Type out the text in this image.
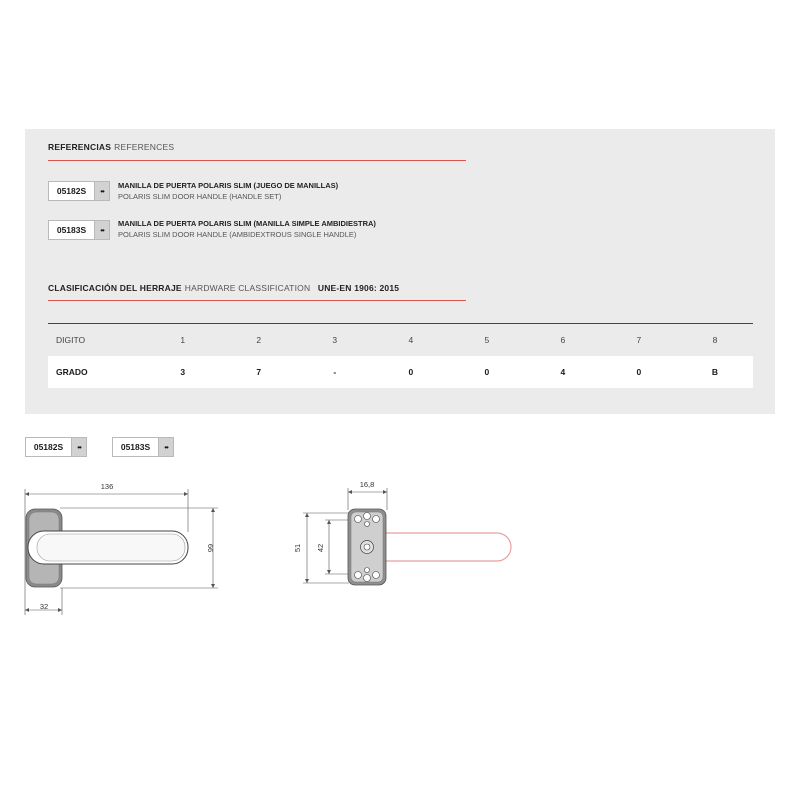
REFERENCIAS REFERENCES
05182S	••
MANILLA DE PUERTA POLARIS SLIM (JUEGO DE MANILLAS)
POLARIS SLIM DOOR HANDLE (HANDLE SET)
05183S	••
MANILLA DE PUERTA POLARIS SLIM (MANILLA SIMPLE AMBIDIESTRA)
POLARIS SLIM DOOR HANDLE (AMBIDEXTROUS SINGLE HANDLE)
CLASIFICACIÓN DEL HERRAJE HARDWARE CLASSIFICATION UNE-EN 1906: 2015
DIGITO	1	2	3	4	5	6	7	8
GRADO	3	7	-	0	0	4	0	B
05182S	••	05183S	••
136
66
32
16,8
51 42
